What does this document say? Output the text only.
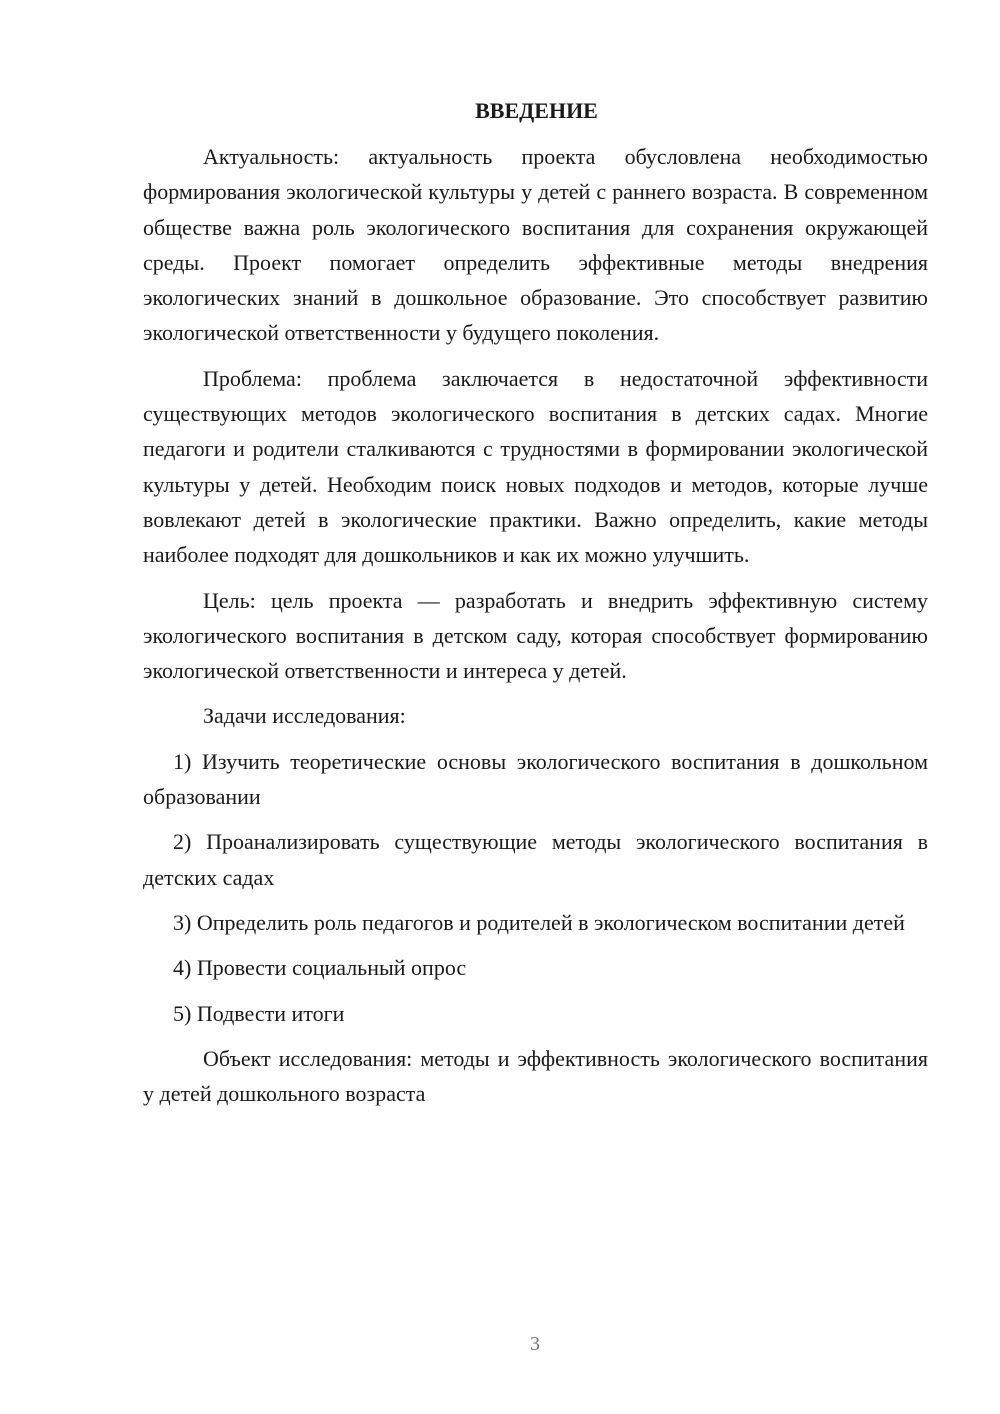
ВВЕДЕНИЕ

Актуальность: актуальность проекта обусловлена необходимостью формирования экологической культуры у детей с раннего возраста. В современном обществе важна роль экологического воспитания для сохранения окружающей среды. Проект помогает определить эффективные методы внедрения экологических знаний в дошкольное образование. Это способствует развитию экологической ответственности у будущего поколения.

Проблема: проблема заключается в недостаточной эффективности существующих методов экологического воспитания в детских садах. Многие педагоги и родители сталкиваются с трудностями в формировании экологической культуры у детей. Необходим поиск новых подходов и методов, которые лучше вовлекают детей в экологические практики. Важно определить, какие методы наиболее подходят для дошкольников и как их можно улучшить.

Цель: цель проекта — разработать и внедрить эффективную систему экологического воспитания в детском саду, которая способствует формированию экологической ответственности и интереса у детей.

Задачи исследования:

1) Изучить теоретические основы экологического воспитания в дошкольном образовании

2) Проанализировать существующие методы экологического воспитания в детских садах

3) Определить роль педагогов и родителей в экологическом воспитании детей

4) Провести социальный опрос

5) Подвести итоги

Объект исследования: методы и эффективность экологического воспитания у детей дошкольного возраста

3
